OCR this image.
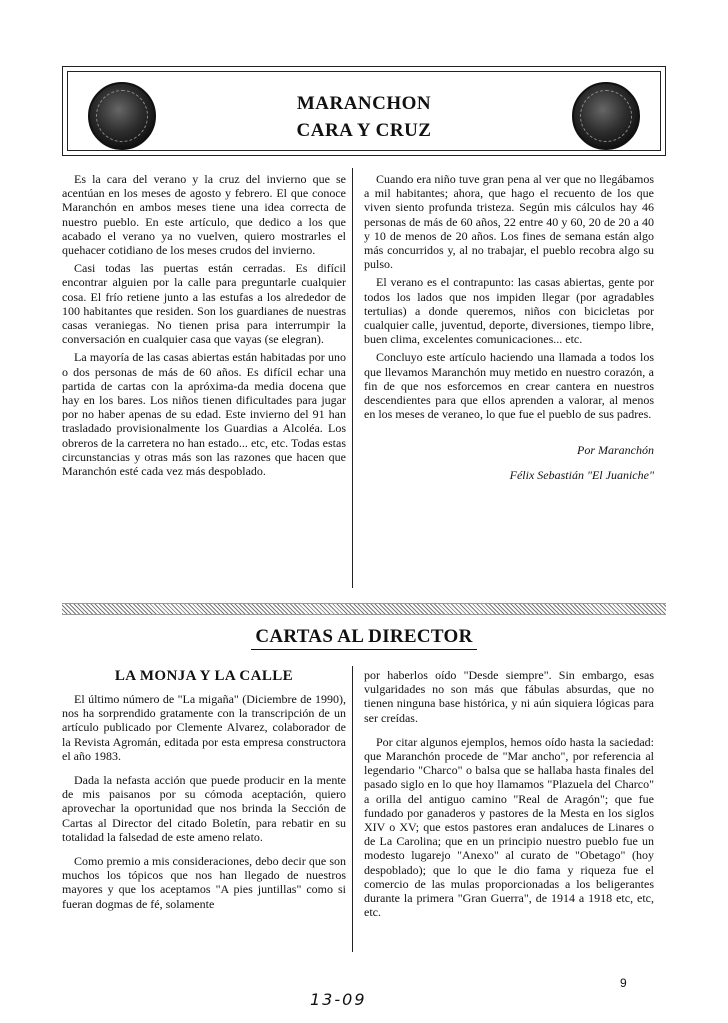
MARANCHON
CARA Y CRUZ

Es la cara del verano y la cruz del invierno que se acentúan en los meses de agosto y febrero. El que conoce Maranchón en ambos meses tiene una idea correcta de nuestro pueblo. En este artículo, que dedico a los que acabado el verano ya no vuelven, quiero mostrarles el quehacer cotidiano de los meses crudos del invierno.

Casi todas las puertas están cerradas. Es difícil encontrar alguien por la calle para preguntarle cualquier cosa. El frío retiene junto a las estufas a los alrededor de 100 habitantes que residen. Son los guardianes de nuestras casas veraniegas. No tienen prisa para interrumpir la conversación en cualquier casa que vayas (se elegran).

La mayoría de las casas abiertas están habitadas por uno o dos personas de más de 60 años. Es difícil echar una partida de cartas con la apróxima-da media docena que hay en los bares. Los niños tienen dificultades para jugar por no haber apenas de su edad. Este invierno del 91 han trasladado provisionalmente los Guardias a Alcoléa. Los obreros de la carretera no han estado... etc, etc. Todas estas circunstancias y otras más son las razones que hacen que Maranchón esté cada vez más despoblado.

Cuando era niño tuve gran pena al ver que no llegábamos a mil habitantes; ahora, que hago el recuento de los que viven siento profunda tristeza. Según mis cálculos hay 46 personas de más de 60 años, 22 entre 40 y 60, 20 de 20 a 40 y 10 de menos de 20 años. Los fines de semana están algo más concurridos y, al no trabajar, el pueblo recobra algo su pulso.

El verano es el contrapunto: las casas abiertas, gente por todos los lados que nos impiden llegar (por agradables tertulias) a donde queremos, niños con bicicletas por cualquier calle, juventud, deporte, diversiones, tiempo libre, buen clima, excelentes comunicaciones... etc.

Concluyo este artículo haciendo una llamada a todos los que llevamos Maranchón muy metido en nuestro corazón, a fin de que nos esforcemos en crear cantera en nuestros descendientes para que ellos aprenden a valorar, al menos en los meses de veraneo, lo que fue el pueblo de sus padres.

Por Maranchón

Félix Sebastián "El Juaniche"

CARTAS AL DIRECTOR
LA MONJA Y LA CALLE

El último número de "La migaña" (Diciembre de 1990), nos ha sorprendido gratamente con la transcripción de un artículo publicado por Clemente Alvarez, colaborador de la Revista Agromán, editada por esta empresa constructora el año 1983.

Dada la nefasta acción que puede producir en la mente de mis paisanos por su cómoda aceptación, quiero aprovechar la oportunidad que nos brinda la Sección de Cartas al Director del citado Boletín, para rebatir en su totalidad la falsedad de este ameno relato.

Como premio a mis consideraciones, debo decir que son muchos los tópicos que nos han llegado de nuestros mayores y que los aceptamos "A pies juntillas" como si fueran dogmas de fé, solamente

por haberlos oído "Desde siempre". Sin embargo, esas vulgaridades no son más que fábulas absurdas, que no tienen ninguna base histórica, y ni aún siquiera lógicas para ser creídas.

Por citar algunos ejemplos, hemos oído hasta la saciedad: que Maranchón procede de "Mar ancho", por referencia al legendario "Charco" o balsa que se hallaba hasta finales del pasado siglo en lo que hoy llamamos "Plazuela del Charco" a orilla del antiguo camino "Real de Aragón"; que fue fundado por ganaderos y pastores de la Mesta en los siglos XIV o XV; que estos pastores eran andaluces de Linares o de La Carolina; que en un principio nuestro pueblo fue un modesto lugarejo "Anexo" al curato de "Obetago" (hoy despoblado); que lo que le dio fama y riqueza fue el comercio de las mulas proporcionadas a los beligerantes durante la primera "Gran Guerra", de 1914 a 1918 etc, etc, etc.

9
13-09
